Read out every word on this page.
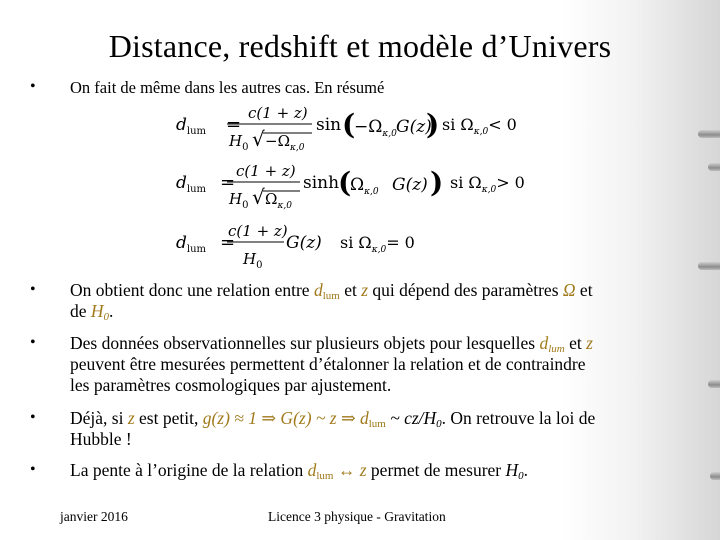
Distance, redshift et modèle d’Univers
• On fait de même dans les autres cas. En résumé
$d_{lum}$ =
c(1 + z)
$H_0$ √ $-\Omega_{\kappa,0}$
sin (
$-\Omega_{\kappa,0}$ G(z)
) si $\Omega_{\kappa,0}< 0$
$d_{lum}$ =
c(1 + z)
$H_0$ √ $\Omega_{\kappa,0}$
sinh
(
$\Omega_{\kappa,0}$ G(z) ) si $\Omega_{\kappa,0}> 0$
$d_{lum}$ =
c(1 + z)
$H_0$
G(z) si $\Omega_{\kappa,0}= 0$
• On obtient donc une relation entre $d_{lum}$ et z qui dépend des paramètres Ω et
de $H_0$.
• Des données observationnelles sur plusieurs objets pour lesquelles $d_{lum}$ et z
peuvent être mesurées permettent d’étalonner la relation et de contraindre
les paramètres cosmologiques par ajustement.
• Déjà, si z est petit, g(z) ≈ 1 ⇒ G(z) ~ z ⇒ $d_{lum}$ ~ $cz/H_0$. On retrouve la loi de
Hubble !
• La pente à l’origine de la relation $d_{lum}$ ↔ z permet de mesurer $H_0$.
janvier 2016	Licence 3 physique - Gravitation
